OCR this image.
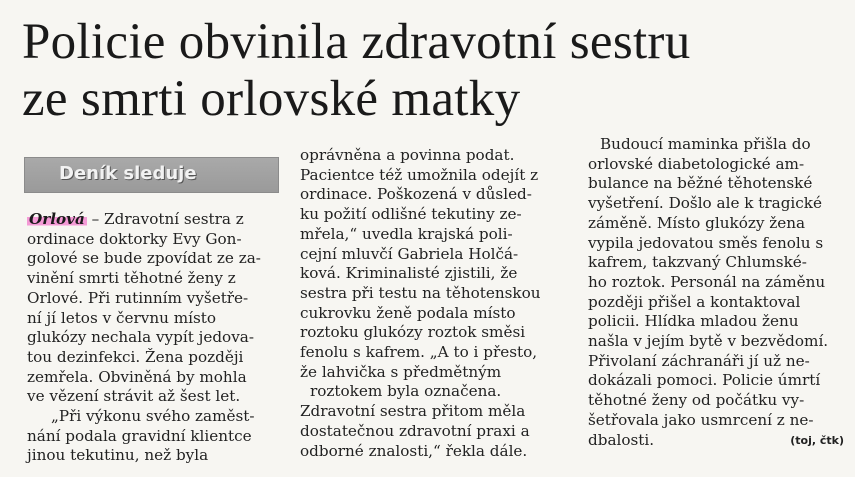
Policie obvinila zdravotní sestru
ze smrti orlovské matky
Deník sleduje

Orlová – Zdravotní sestra z

ordinace doktorky Evy Gon-

golové se bude zpovídat ze za-

vinění smrti těhotné ženy z

Orlové. Při rutinním vyšetře-

ní jí letos v červnu místo

glukózy nechala vypít jedova-

tou dezinfekci. Žena později

zemřela. Obviněná by mohla

ve vězení strávit až šest let.

„Při výkonu svého zaměst-

nání podala gravidní klientce

jinou tekutinu, než byla

oprávněna a povinna podat.

Pacientce též umožnila odejít z

ordinace. Poškozená v důsled-

ku požití odlišné tekutiny ze-

mřela,“ uvedla krajská poli-

cejní mluvčí Gabriela Holčá-

ková. Kriminalisté zjistili, že

sestra při testu na těhotenskou

cukrovku ženě podala místo

roztoku glukózy roztok směsi

fenolu s kafrem. „A to i přesto,

že lahvička s předmětným

roztokem byla označena.

Zdravotní sestra přitom měla

dostatečnou zdravotní praxi a

odborné znalosti,“ řekla dále.

Budoucí maminka přišla do

orlovské diabetologické am-

bulance na běžné těhotenské

vyšetření. Došlo ale k tragické

záměně. Místo glukózy žena

vypila jedovatou směs fenolu s

kafrem, takzvaný Chlumské-

ho roztok. Personál na záměnu

později přišel a kontaktoval

policii. Hlídka mladou ženu

našla v jejím bytě v bezvědomí.

Přivolaní záchranáři jí už ne-

dokázali pomoci. Policie úmrtí

těhotné ženy od počátku vy-

šetřovala jako usmrcení z ne-

dbalosti.	(toj, čtk)
